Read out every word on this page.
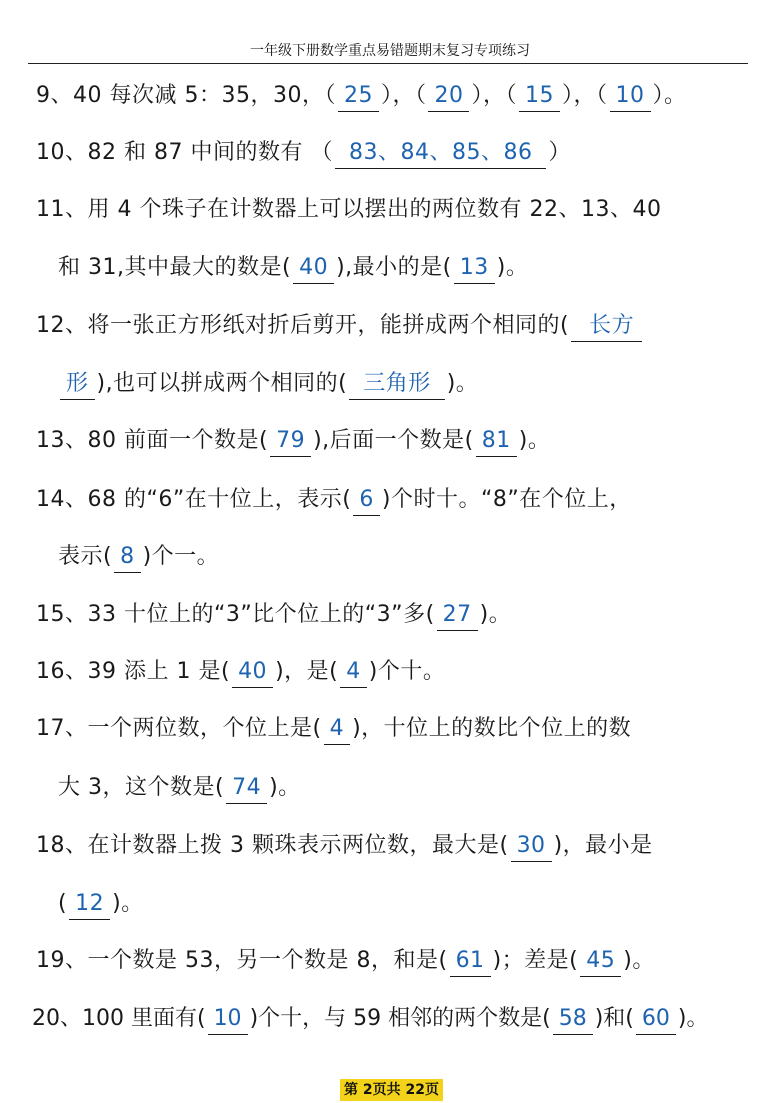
一年级下册数学重点易错题期末复习专项练习
9、40 每次减 5：35，30，（ 25 ），（ 20 ），（ 15 ），（ 10 ）。
10、82 和 87 中间的数有 （ 83、84、85、86 ）
11、用 4 个珠子在计数器上可以摆出的两位数有 22、13、40
和 31,其中最大的数是( 40 ),最小的是( 13 )。
12、将一张正方形纸对折后剪开，能拼成两个相同的( 长方
形 ),也可以拼成两个相同的( 三角形 )。
13、80 前面一个数是( 79 ),后面一个数是( 81 )。
14、68 的“6”在十位上，表示( 6 )个时十。“8”在个位上，
表示( 8 )个一。
15、33 十位上的“3”比个位上的“3”多( 27 )。
16、39 添上 1 是( 40 )，是( 4 )个十。
17、一个两位数，个位上是( 4 )，十位上的数比个位上的数
大 3，这个数是( 74 )。
18、在计数器上拨 3 颗珠表示两位数，最大是( 30 )，最小是
( 12 )。
19、一个数是 53，另一个数是 8，和是( 61 )；差是( 45 )。
20、100 里面有( 10 )个十，与 59 相邻的两个数是( 58 )和( 60 )。
第 2页共 22页
